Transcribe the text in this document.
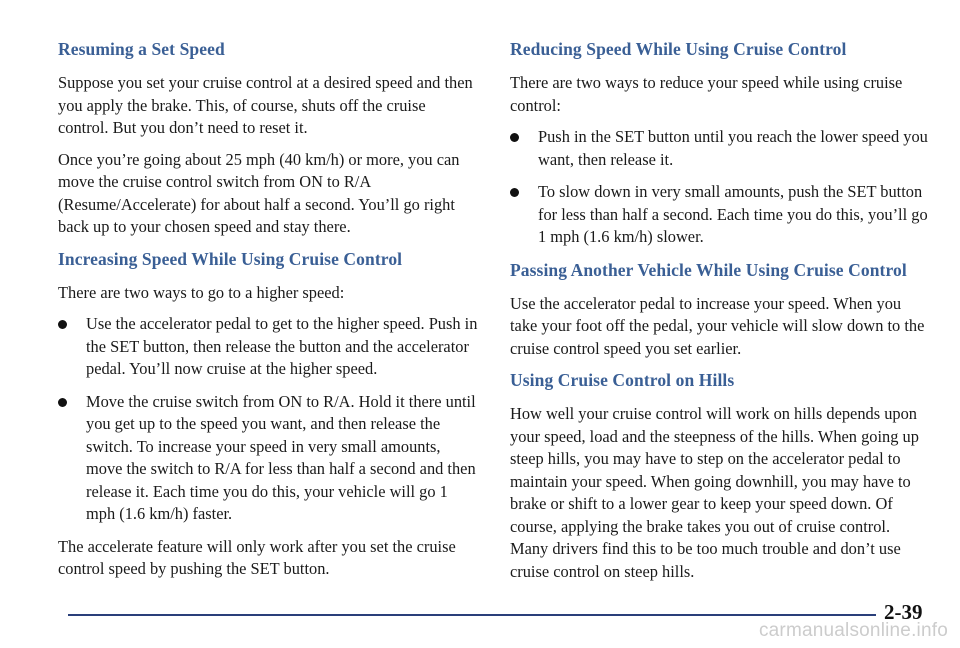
Resuming a Set Speed

Suppose you set your cruise control at a desired speed and then you apply the brake. This, of course, shuts off the cruise control. But you don’t need to reset it.

Once you’re going about 25 mph (40 km/h) or more, you can move the cruise control switch from ON to R/A (Resume/Accelerate) for about half a second. You’ll go right back up to your chosen speed and stay there.

Increasing Speed While Using Cruise Control

There are two ways to go to a higher speed:

Use the accelerator pedal to get to the higher speed. Push in the SET button, then release the button and the accelerator pedal. You’ll now cruise at the higher speed.
Move the cruise switch from ON to R/A. Hold it there until you get up to the speed you want, and then release the switch. To increase your speed in very small amounts, move the switch to R/A for less than half a second and then release it. Each time you do this, your vehicle will go 1 mph (1.6 km/h) faster.

The accelerate feature will only work after you set the cruise control speed by pushing the SET button.

Reducing Speed While Using Cruise Control

There are two ways to reduce your speed while using cruise control:

Push in the SET button until you reach the lower speed you want, then release it.
To slow down in very small amounts, push the SET button for less than half a second. Each time you do this, you’ll go 1 mph (1.6 km/h) slower.
Passing Another Vehicle While Using Cruise Control

Use the accelerator pedal to increase your speed. When you take your foot off the pedal, your vehicle will slow down to the cruise control speed you set earlier.

Using Cruise Control on Hills

How well your cruise control will work on hills depends upon your speed, load and the steepness of the hills. When going up steep hills, you may have to step on the accelerator pedal to maintain your speed. When going downhill, you may have to brake or shift to a lower gear to keep your speed down. Of course, applying the brake takes you out of cruise control. Many drivers find this to be too much trouble and don’t use cruise control on steep hills.

2-39
carmanualsonline.info
